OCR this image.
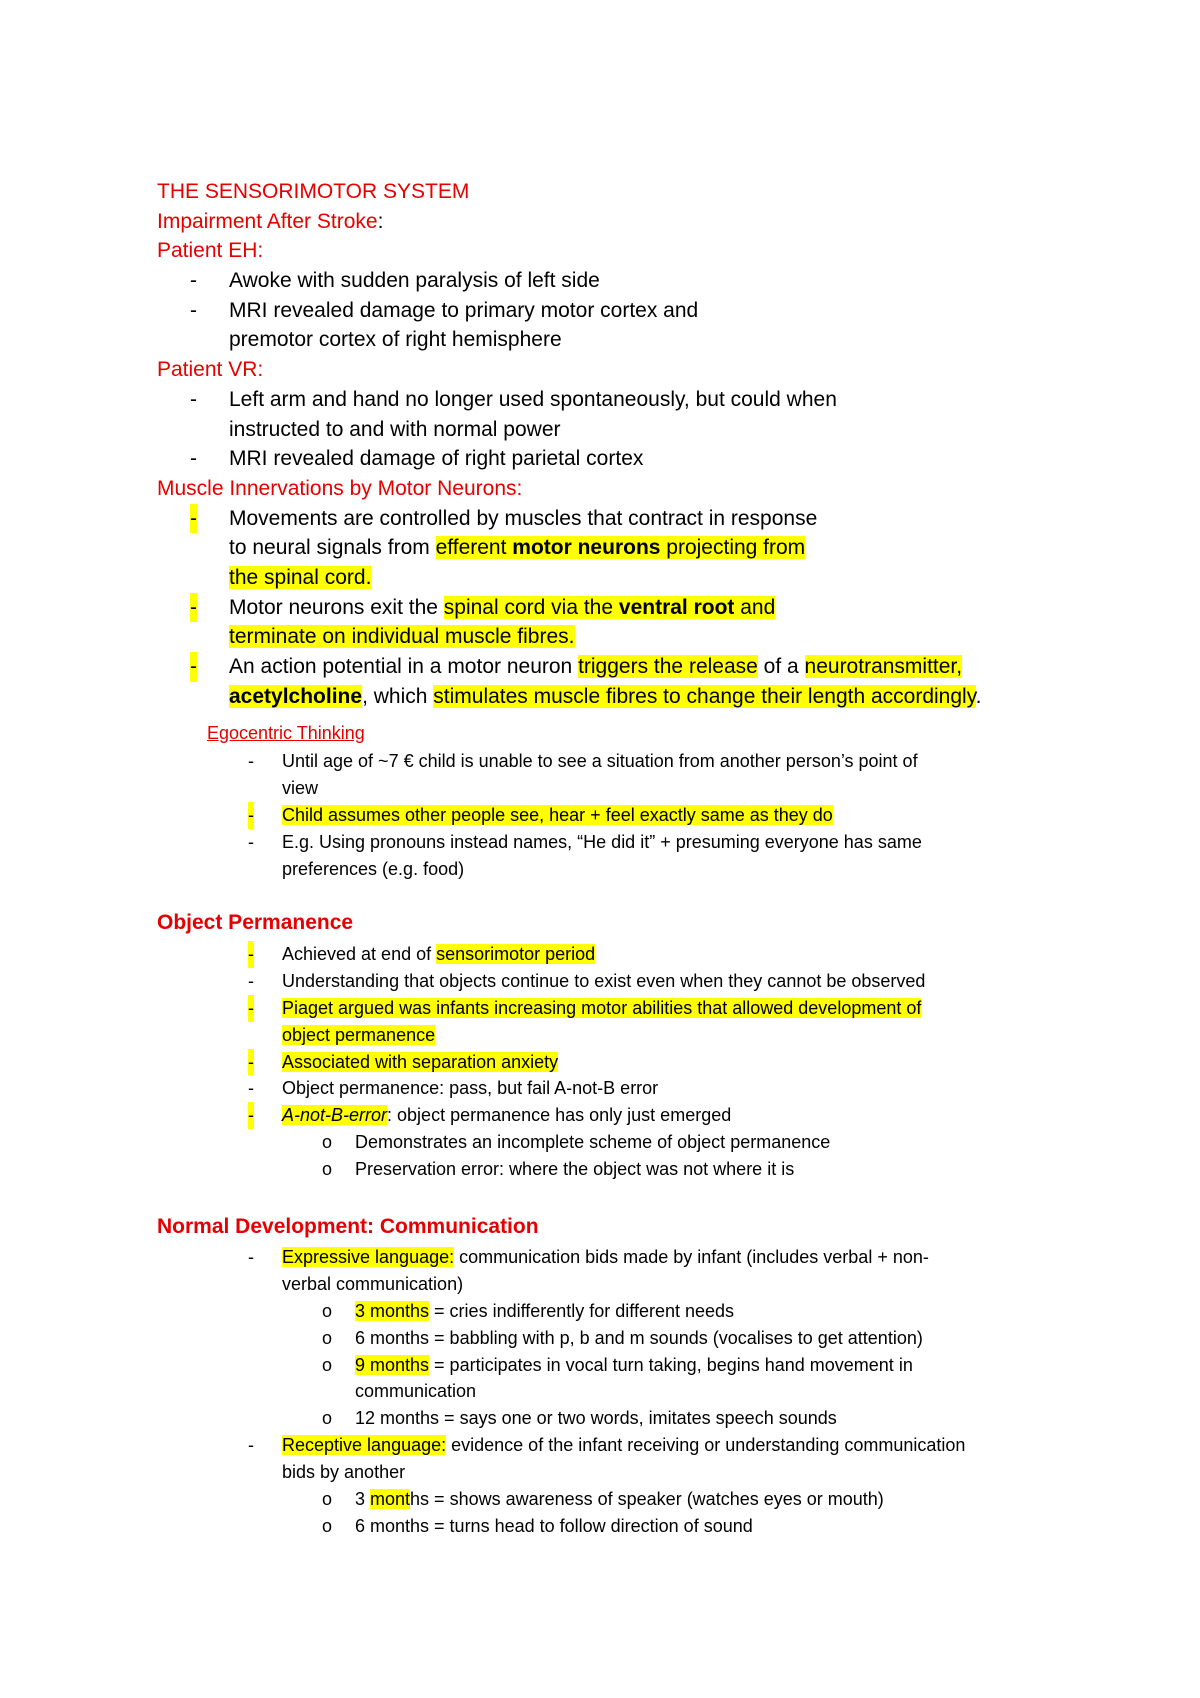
THE SENSORIMOTOR SYSTEM
Impairment After Stroke:
Patient EH:
- Awoke with sudden paralysis of left side
- MRI revealed damage to primary motor cortex and
premotor cortex of right hemisphere
Patient VR:
- Left arm and hand no longer used spontaneously, but could when
instructed to and with normal power
- MRI revealed damage of right parietal cortex
Muscle Innervations by Motor Neurons:
- Movements are controlled by muscles that contract in response
to neural signals from efferent motor neurons projecting from
the spinal cord.
- Motor neurons exit the spinal cord via the ventral root and
terminate on individual muscle fibres.
- An action potential in a motor neuron triggers the release of a neurotransmitter,
acetylcholine, which stimulates muscle fibres to change their length accordingly.
Egocentric Thinking
- Until age of ~7 € child is unable to see a situation from another person’s point of
view
- Child assumes other people see, hear + feel exactly same as they do
- E.g. Using pronouns instead names, “He did it” + presuming everyone has same
preferences (e.g. food)
Object Permanence
- Achieved at end of sensorimotor period
- Understanding that objects continue to exist even when they cannot be observed
- Piaget argued was infants increasing motor abilities that allowed development of
object permanence
- Associated with separation anxiety
- Object permanence: pass, but fail A-not-B error
- A-not-B-error: object permanence has only just emerged
o Demonstrates an incomplete scheme of object permanence
o Preservation error: where the object was not where it is
Normal Development: Communication
- Expressive language: communication bids made by infant (includes verbal + non-
verbal communication)
o 3 months = cries indifferently for different needs
o 6 months = babbling with p, b and m sounds (vocalises to get attention)
o 9 months = participates in vocal turn taking, begins hand movement in
communication
o 12 months = says one or two words, imitates speech sounds
- Receptive language: evidence of the infant receiving or understanding communication
bids by another
o 3 months = shows awareness of speaker (watches eyes or mouth)
o 6 months = turns head to follow direction of sound
